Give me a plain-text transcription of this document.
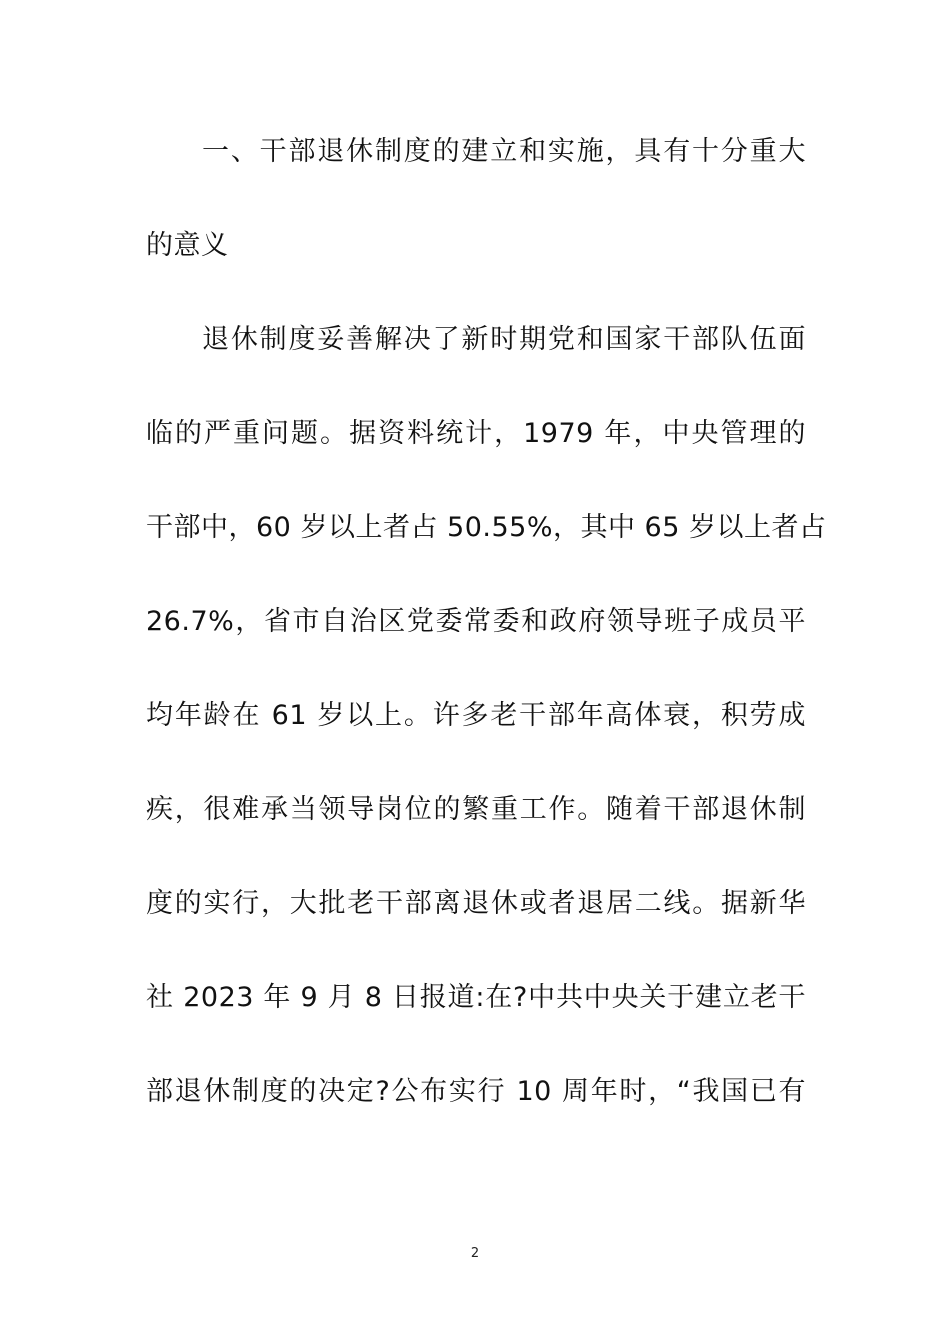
一、干部退休制度的建立和实施，具有十分重大
的意义
退休制度妥善解决了新时期党和国家干部队伍面
临的严重问题。据资料统计，1979 年，中央管理的
干部中，60 岁以上者占 50.55%，其中 65 岁以上者占
26.7%，省市自治区党委常委和政府领导班子成员平
均年龄在 61 岁以上。许多老干部年高体衰，积劳成
疾，很难承当领导岗位的繁重工作。随着干部退休制
度的实行，大批老干部离退休或者退居二线。据新华
社 2023 年 9 月 8 日报道:在?中共中央关于建立老干
部退休制度的决定?公布实行 10 周年时，“我国已有
2
